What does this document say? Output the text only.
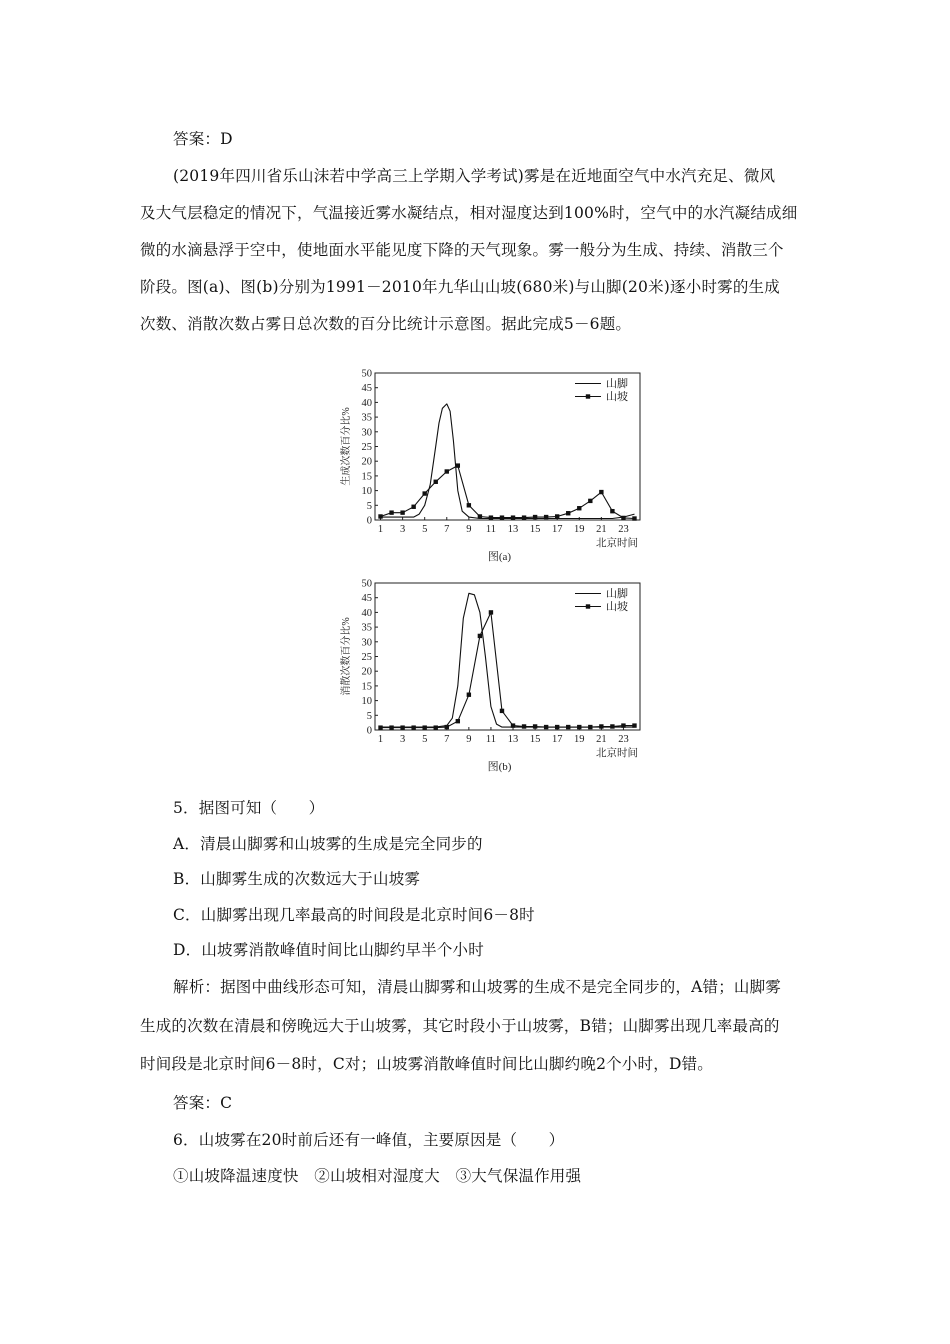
答案：D
(2019年四川省乐山沫若中学高三上学期入学考试)雾是在近地面空气中水汽充足、微风
及大气层稳定的情况下，气温接近雾水凝结点，相对湿度达到100%时，空气中的水汽凝结成细
微的水滴悬浮于空中，使地面水平能见度下降的天气现象。雾一般分为生成、持续、消散三个
阶段。图(a)、图(b)分别为1991－2010年九华山山坡(680米)与山脚(20米)逐小时雾的生成
次数、消散次数占雾日总次数的百分比统计示意图。据此完成5－6题。
0
5
10
15
20
25
30
35
40
45
50
1 3 5 7 9 11 13 15 17 19 21 23
生成次数百分比%
北京时间
图(a)
山脚
山坡
0
5
10
15
20
25
30
35
40
45
50
1 3 5 7 9 11 13 15 17 19 21 23
消散次数百分比%
北京时间
图(b)
山脚
山坡
5．据图可知（　　）
A．清晨山脚雾和山坡雾的生成是完全同步的
B．山脚雾生成的次数远大于山坡雾
C．山脚雾出现几率最高的时间段是北京时间6－8时
D．山坡雾消散峰值时间比山脚约早半个小时
解析：据图中曲线形态可知，清晨山脚雾和山坡雾的生成不是完全同步的，A错；山脚雾
生成的次数在清晨和傍晚远大于山坡雾，其它时段小于山坡雾，B错；山脚雾出现几率最高的
时间段是北京时间6－8时，C对；山坡雾消散峰值时间比山脚约晚2个小时，D错。
答案：C
6．山坡雾在20时前后还有一峰值，主要原因是（　　）
①山坡降温速度快　②山坡相对湿度大　③大气保温作用强
